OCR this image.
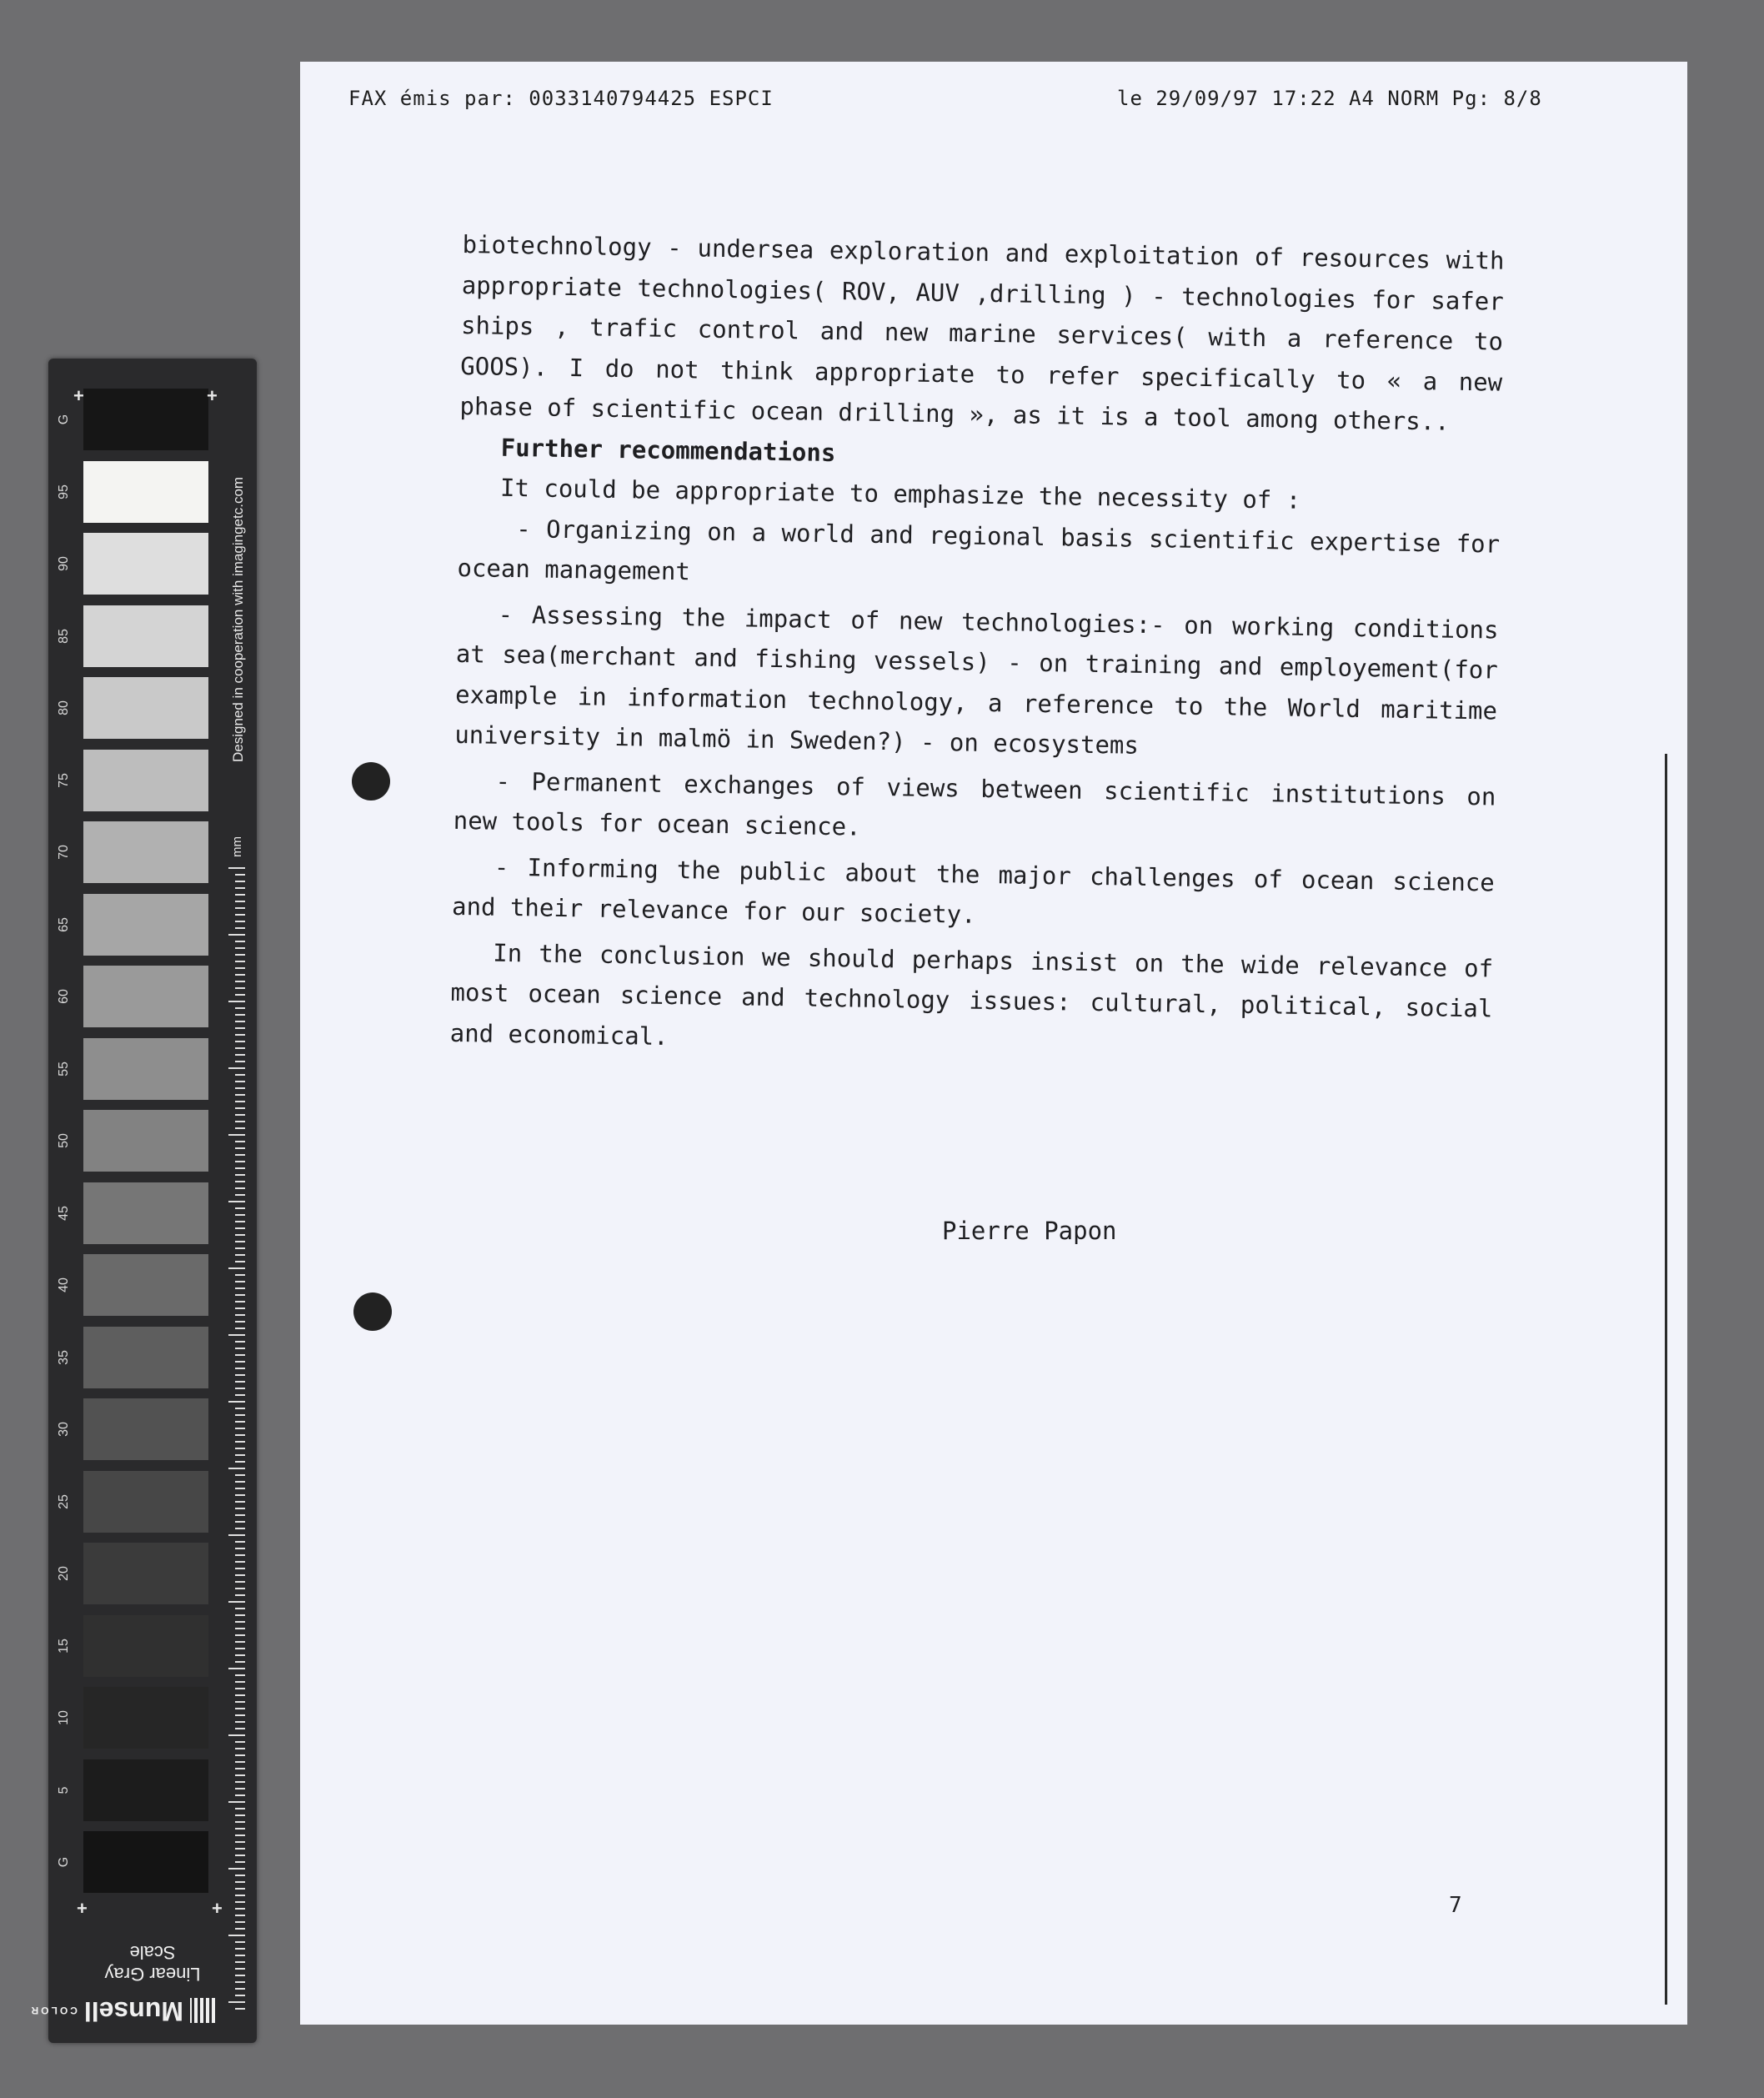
G
95
90
85
80
75
70
65
60
55
50
45
40
35
30
25
20
15
10
5
G
+	+
+	+
Designed in cooperation with imagingetc.com
mm
Linear Gray Scale
Munsell
COLOR
FAX émis par: 0033140794425 ESPCI	le 29/09/97 17:22 A4 NORM Pg: 8/8

biotechnology - undersea exploration and exploitation of resources with appropriate technologies( ROV, AUV ,drilling ) - technologies for safer ships , trafic control and new marine services( with a reference to GOOS). I do not think appropriate to refer specifically to « a new phase of scientific ocean drilling », as it is a tool among others..

Further recommendations

It could be appropriate to emphasize the necessity of :

- Organizing on a world and regional basis scientific expertise for ocean management

- Assessing the impact of new technologies:- on working conditions at sea(merchant and fishing vessels) - on training and employement(for example in information technology, a reference to the World maritime university in malmö in Sweden?) - on ecosystems

- Permanent exchanges of views between scientific institutions on new tools for ocean science.

- Informing the public about the major challenges of ocean science and their relevance for our society.

In the conclusion we should perhaps insist on the wide relevance of most ocean science and technology issues: cultural, political, social and economical.

Pierre Papon
7
